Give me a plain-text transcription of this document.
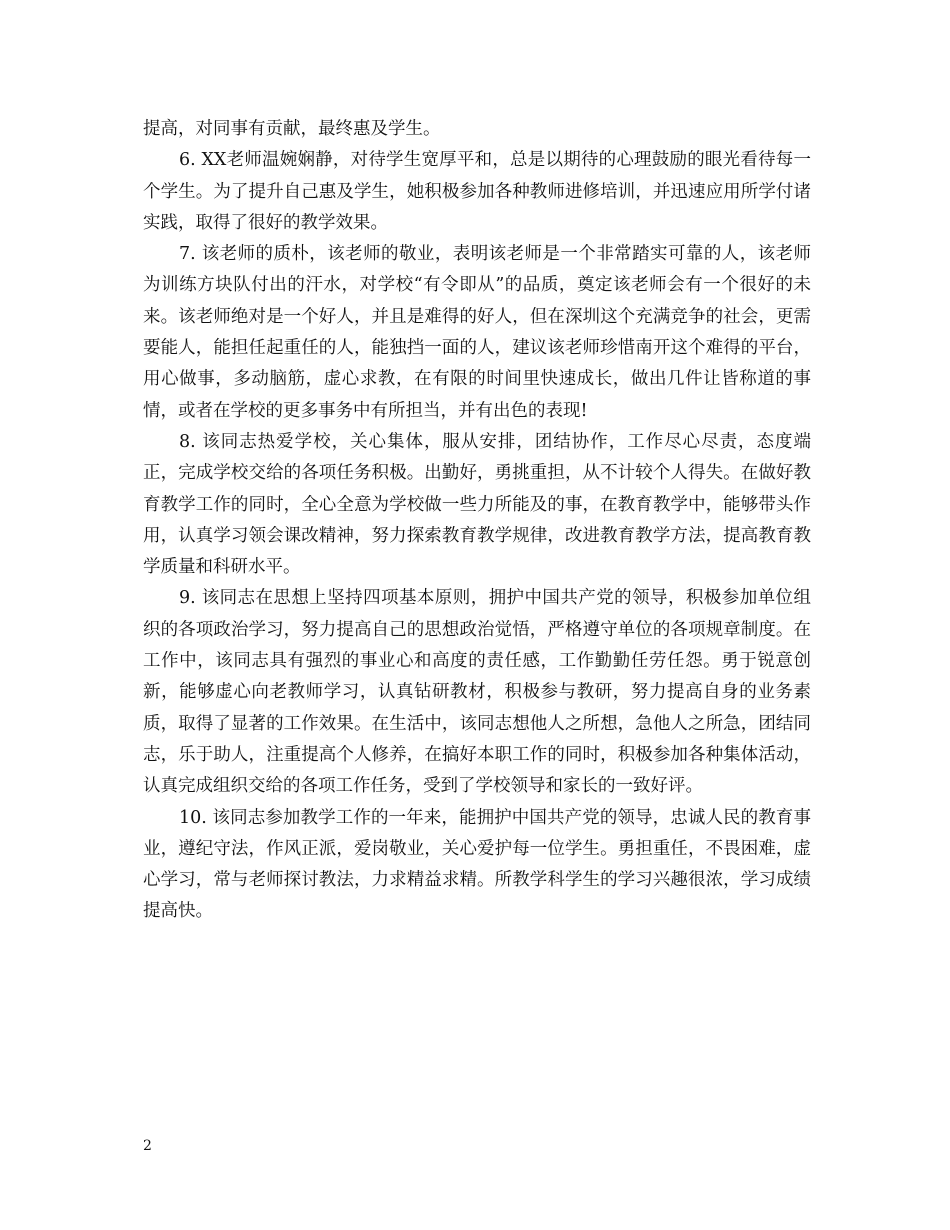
提高，对同事有贡献，最终惠及学生。

6. XX老师温婉娴静，对待学生宽厚平和，总是以期待的心理鼓励的眼光看待每一个学生。为了提升自己惠及学生，她积极参加各种教师进修培训，并迅速应用所学付诸实践，取得了很好的教学效果。

7. 该老师的质朴，该老师的敬业，表明该老师是一个非常踏实可靠的人，该老师为训练方块队付出的汗水，对学校“有令即从”的品质，奠定该老师会有一个很好的未来。该老师绝对是一个好人，并且是难得的好人，但在深圳这个充满竞争的社会，更需要能人，能担任起重任的人，能独挡一面的人，建议该老师珍惜南开这个难得的平台，用心做事，多动脑筋，虚心求教，在有限的时间里快速成长，做出几件让皆称道的事情，或者在学校的更多事务中有所担当，并有出色的表现!

8. 该同志热爱学校，关心集体，服从安排，团结协作，工作尽心尽责，态度端正，完成学校交给的各项任务积极。出勤好，勇挑重担，从不计较个人得失。在做好教育教学工作的同时，全心全意为学校做一些力所能及的事，在教育教学中，能够带头作用，认真学习领会课改精神，努力探索教育教学规律，改进教育教学方法，提高教育教学质量和科研水平。

9. 该同志在思想上坚持四项基本原则，拥护中国共产党的领导，积极参加单位组织的各项政治学习，努力提高自己的思想政治觉悟，严格遵守单位的各项规章制度。在工作中，该同志具有强烈的事业心和高度的责任感，工作勤勤任劳任怨。勇于锐意创新，能够虚心向老教师学习，认真钻研教材，积极参与教研，努力提高自身的业务素质，取得了显著的工作效果。在生活中，该同志想他人之所想，急他人之所急，团结同志，乐于助人，注重提高个人修养，在搞好本职工作的同时，积极参加各种集体活动，认真完成组织交给的各项工作任务，受到了学校领导和家长的一致好评。

10. 该同志参加教学工作的一年来，能拥护中国共产党的领导，忠诚人民的教育事业，遵纪守法，作风正派，爱岗敬业，关心爱护每一位学生。勇担重任，不畏困难，虚心学习，常与老师探讨教法，力求精益求精。所教学科学生的学习兴趣很浓，学习成绩提高快。

2
